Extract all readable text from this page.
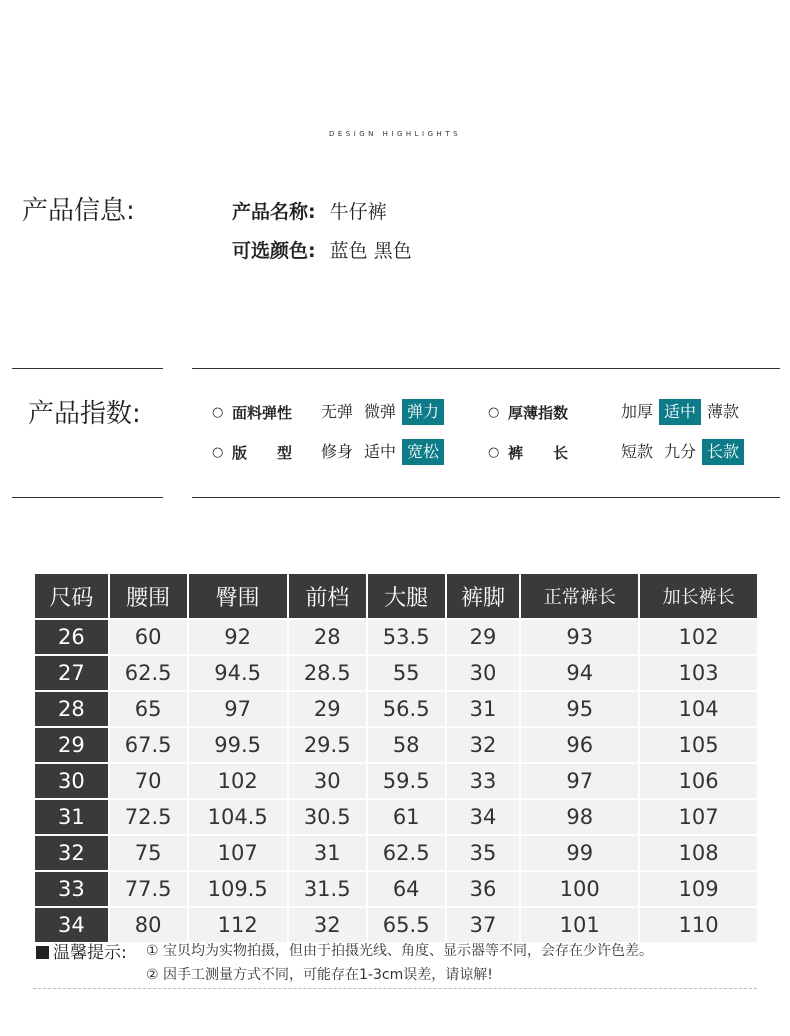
DESIGN HIGHLIGHTS
产品信息:	产品名称: 牛仔裤
可选颜色: 蓝色 黑色
产品指数:	○ 面料弹性	无弹 微弹 弹力	○ 厚薄指数	加厚 适中 薄款
○ 版　　型	修身 适中 宽松	○ 裤　　长	短款 九分 长款
尺码	腰围	臀围	前档	大腿	裤脚	正常裤长	加长裤长
26	60	92	28	53.5	29	93	102
27	62.5	94.5	28.5	55	30	94	103
28	65	97	29	56.5	31	95	104
29	67.5	99.5	29.5	58	32	96	105
30	70	102	30	59.5	33	97	106
31	72.5	104.5	30.5	61	34	98	107
32	75	107	31	62.5	35	99	108
33	77.5	109.5	31.5	64	36	100	109
34	80	112	32	65.5	37	101	110
温馨提示: ① 宝贝均为实物拍摄，但由于拍摄光线、角度、显示器等不同，会存在少许色差。
② 因手工测量方式不同，可能存在1-3cm误差，请谅解!
